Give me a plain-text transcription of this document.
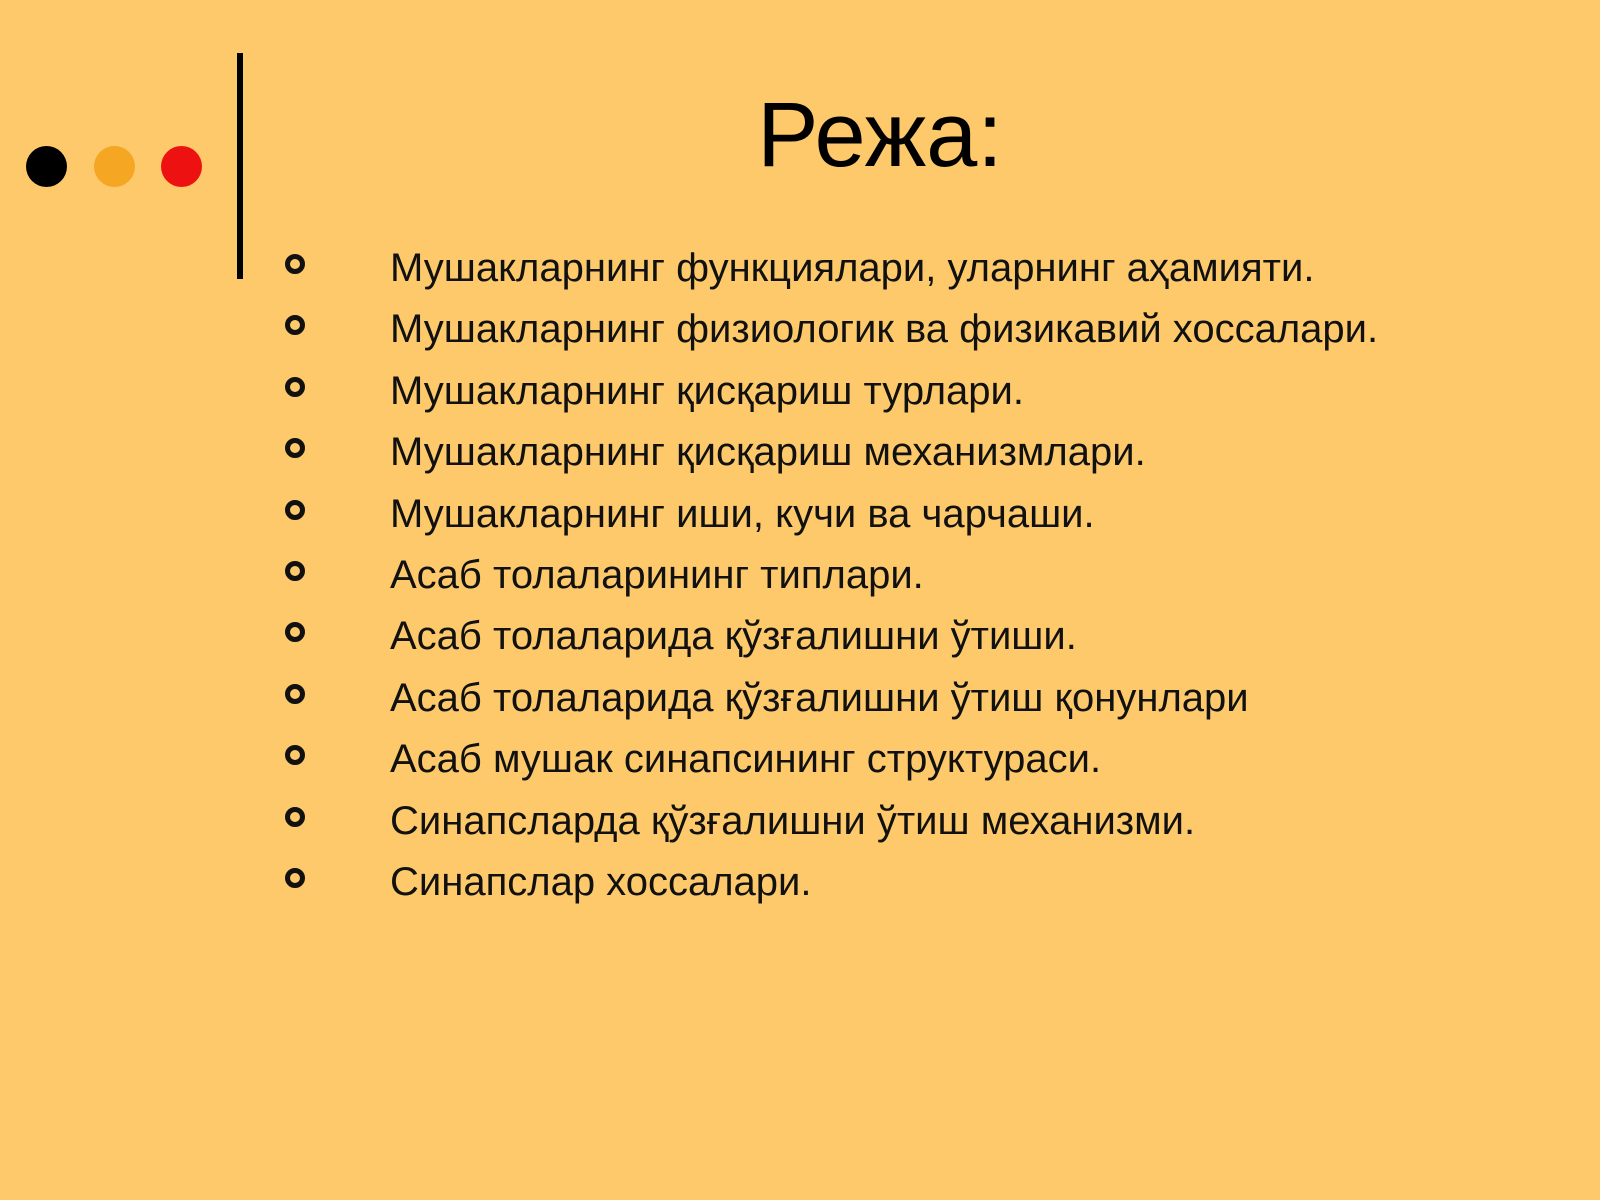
Режа:
Мушакларнинг функциялари, уларнинг аҳамияти.
Мушакларнинг физиологик ва физикавий хоссалари.
Мушакларнинг қисқариш турлари.
Мушакларнинг қисқариш механизмлари.
Мушакларнинг иши, кучи ва чарчаши.
Асаб толаларининг типлари.
Асаб толаларида қўзғалишни ўтиши.
Асаб толаларида қўзғалишни ўтиш қонунлари
Асаб мушак синапсининг структураси.
Синапсларда қўзғалишни ўтиш механизми.
Синапслар хоссалари.
